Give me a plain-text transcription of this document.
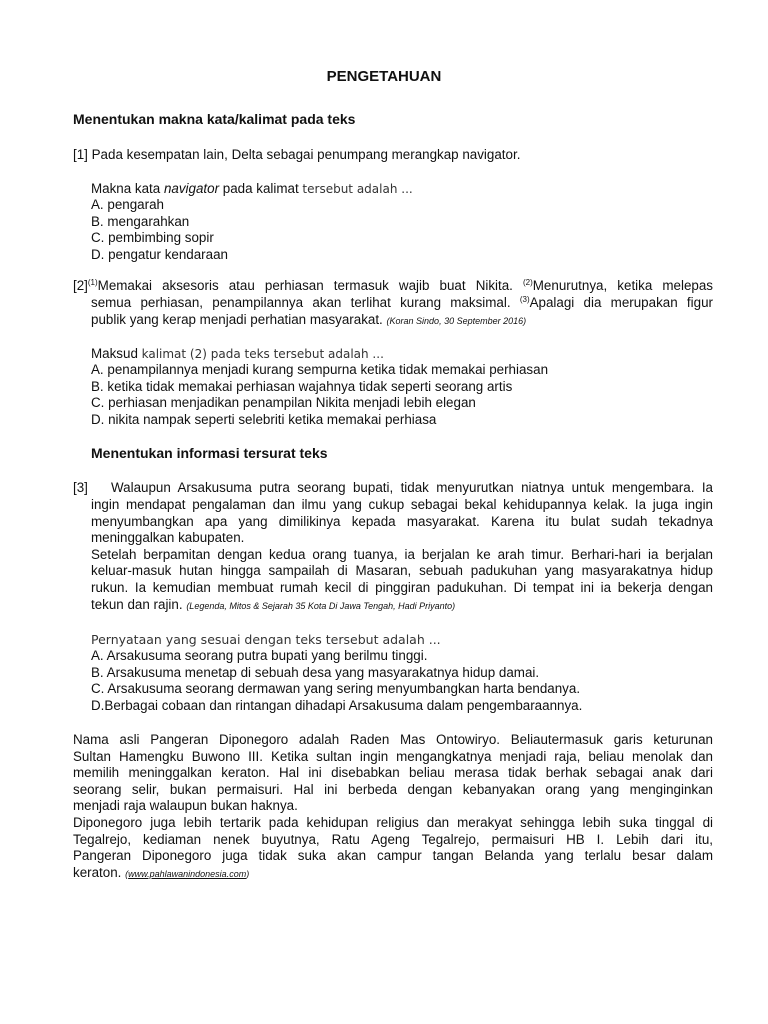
PENGETAHUAN
Menentukan makna kata/kalimat pada teks
[1] Pada kesempatan lain, Delta sebagai penumpang merangkap navigator.
Makna kata navigator pada kalimat tersebut adalah ...
A. pengarah
B. mengarahkan
C. pembimbing sopir
D. pengatur kendaraan
$[2]^{(1)}Memakai$ aksesoris atau perhiasan termasuk wajib buat Nikita. $^{(2)}$Menurutnya, ketika melepas
semua perhiasan, penampilannya akan terlihat kurang maksimal. $^{(3)}$Apalagi dia merupakan figur
publik yang kerap menjadi perhatian masyarakat. (Koran Sindo, 30 September 2016)
Maksud kalimat (2) pada teks tersebut adalah ...
A. penampilannya menjadi kurang sempurna ketika tidak memakai perhiasan
B. ketika tidak memakai perhiasan wajahnya tidak seperti seorang artis
C. perhiasan menjadikan penampilan Nikita menjadi lebih elegan
D. nikita nampak seperti selebriti ketika memakai perhiasa
Menentukan informasi tersurat teks
[3] Walaupun Arsakusuma putra seorang bupati, tidak menyurutkan niatnya untuk mengembara. Ia
ingin mendapat pengalaman dan ilmu yang cukup sebagai bekal kehidupannya kelak. Ia juga ingin
menyumbangkan apa yang dimilikinya kepada masyarakat. Karena itu bulat sudah tekadnya
meninggalkan kabupaten.
Setelah berpamitan dengan kedua orang tuanya, ia berjalan ke arah timur. Berhari-hari ia berjalan
keluar-masuk hutan hingga sampailah di Masaran, sebuah padukuhan yang masyarakatnya hidup
rukun. Ia kemudian membuat rumah kecil di pinggiran padukuhan. Di tempat ini ia bekerja dengan
tekun dan rajin. (Legenda, Mitos & Sejarah 35 Kota Di Jawa Tengah, Hadi Priyanto)
Pernyataan yang sesuai dengan teks tersebut adalah ...
A. Arsakusuma seorang putra bupati yang berilmu tinggi.
B. Arsakusuma menetap di sebuah desa yang masyarakatnya hidup damai.
C. Arsakusuma seorang dermawan yang sering menyumbangkan harta bendanya.
D.Berbagai cobaan dan rintangan dihadapi Arsakusuma dalam pengembaraannya.
Nama asli Pangeran Diponegoro adalah Raden Mas Ontowiryo. Beliautermasuk garis keturunan
Sultan Hamengku Buwono III. Ketika sultan ingin mengangkatnya menjadi raja, beliau menolak dan
memilih meninggalkan keraton. Hal ini disebabkan beliau merasa tidak berhak sebagai anak dari
seorang selir, bukan permaisuri. Hal ini berbeda dengan kebanyakan orang yang menginginkan
menjadi raja walaupun bukan haknya.
Diponegoro juga lebih tertarik pada kehidupan religius dan merakyat sehingga lebih suka tinggal di
Tegalrejo, kediaman nenek buyutnya, Ratu Ageng Tegalrejo, permaisuri HB I. Lebih dari itu,
Pangeran Diponegoro juga tidak suka akan campur tangan Belanda yang terlalu besar dalam
keraton. (www.pahlawanindonesia.com)
